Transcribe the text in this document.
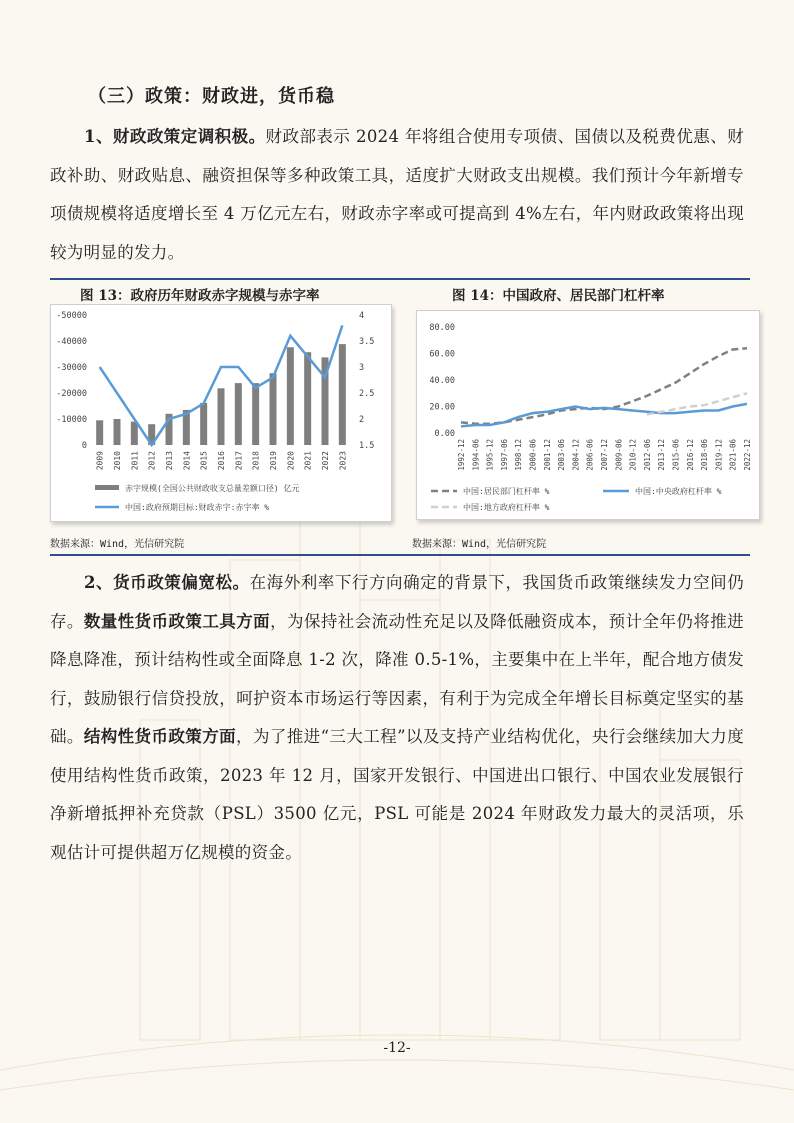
（三）政策：财政进，货币稳
1、财政政策定调积极。财政部表示 2024 年将组合使用专项债、国债以及税费优惠、财政补助、财政贴息、融资担保等多种政策工具，适度扩大财政支出规模。我们预计今年新增专项债规模将适度增长至 4 万亿元左右，财政赤字率或可提高到 4%左右，年内财政政策将出现较为明显的发力。
图 13：政府历年财政赤字规模与赤字率	图 14：中国政府、居民部门杠杆率
-50000
-40000
-30000
-20000
-10000
0
4
3.5
3
2.5
2
1.5
2009 2010 2011 2012 2013 2014 2015 2016 2017 2018 2019 2020 2021 2022 2023
赤字规模(全国公共财政收支总量差额口径) 亿元
中国:政府预期目标:财政赤字:赤字率 %
80.00
60.00
40.00
20.00
0.00
1992-12 1994-06 1995-12 1997-06 1998-12 2000-06 2001-12 2003-06 2004-12 2006-06 2007-12 2009-06 2010-12 2012-06 2013-12 2015-06 2016-12 2018-06 2019-12 2021-06 2022-12
中国:居民部门杠杆率 %	中国:中央政府杠杆率 %
中国:地方政府杠杆率 %
数据来源：Wind，光信研究院	数据来源：Wind，光信研究院
2、货币政策偏宽松。在海外利率下行方向确定的背景下，我国货币政策继续发力空间仍存。数量性货币政策工具方面，为保持社会流动性充足以及降低融资成本，预计全年仍将推进降息降准，预计结构性或全面降息 1-2 次，降准 0.5-1%，主要集中在上半年，配合地方债发行，鼓励银行信贷投放，呵护资本市场运行等因素，有利于为完成全年增长目标奠定坚实的基础。结构性货币政策方面，为了推进“三大工程”以及支持产业结构优化，央行会继续加大力度使用结构性货币政策，2023 年 12 月，国家开发银行、中国进出口银行、中国农业发展银行净新增抵押补充贷款（PSL）3500 亿元，PSL 可能是 2024 年财政发力最大的灵活项，乐观估计可提供超万亿规模的资金。
-12-
